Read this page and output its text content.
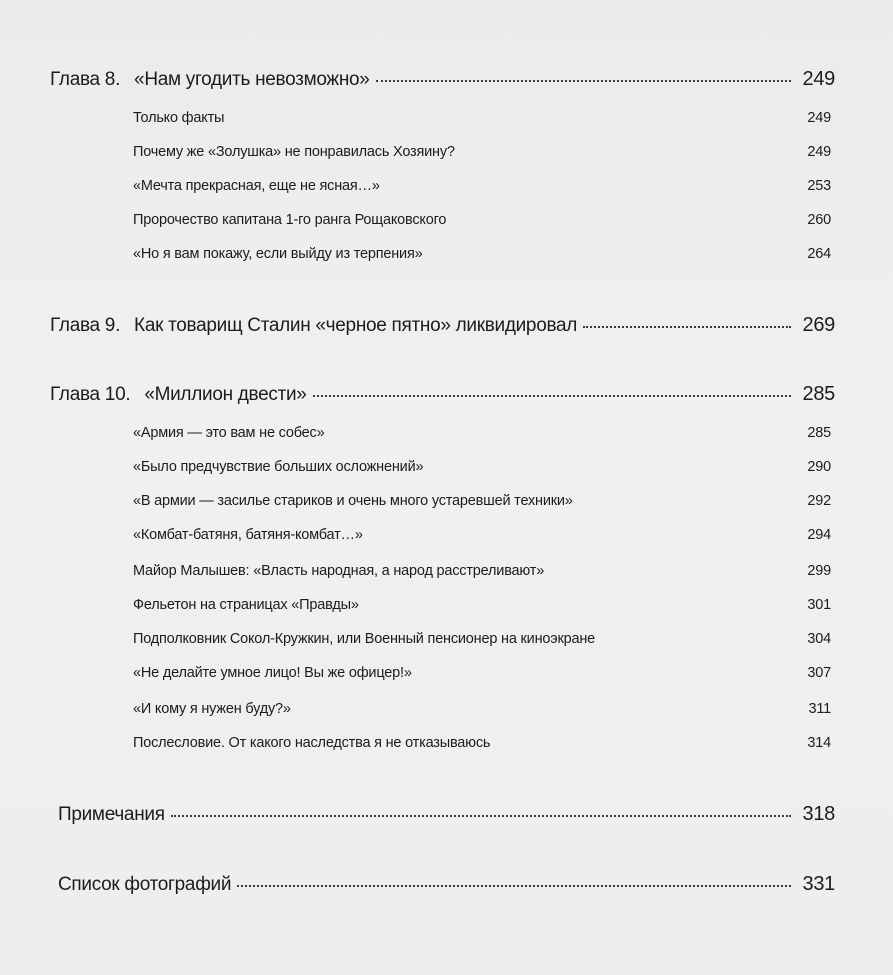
Глава 8. «Нам угодить невозможно»	249
Только факты	249
Почему же «Золушка» не понравилась Хозяину?	249
«Мечта прекрасная, еще не ясная…»	253
Пророчество капитана 1-го ранга Рощаковского	260
«Но я вам покажу, если выйду из терпения»	264
Глава 9. Как товарищ Сталин «черное пятно» ликвидировал	269
Глава 10. «Миллион двести»	285
«Армия — это вам не собес»	285
«Было предчувствие больших осложнений»	290
«В армии — засилье стариков и очень много устаревшей техники»	292
«Комбат-батяня, батяня-комбат…»	294
Майор Малышев: «Власть народная, а народ расстреливают»	299
Фельетон на страницах «Правды»	301
Подполковник Сокол-Кружкин, или Военный пенсионер на киноэкране	304
«Не делайте умное лицо! Вы же офицер!»	307
«И кому я нужен буду?»	311
Послесловие. От какого наследства я не отказываюсь	314
Примечания	318
Список фотографий	331
